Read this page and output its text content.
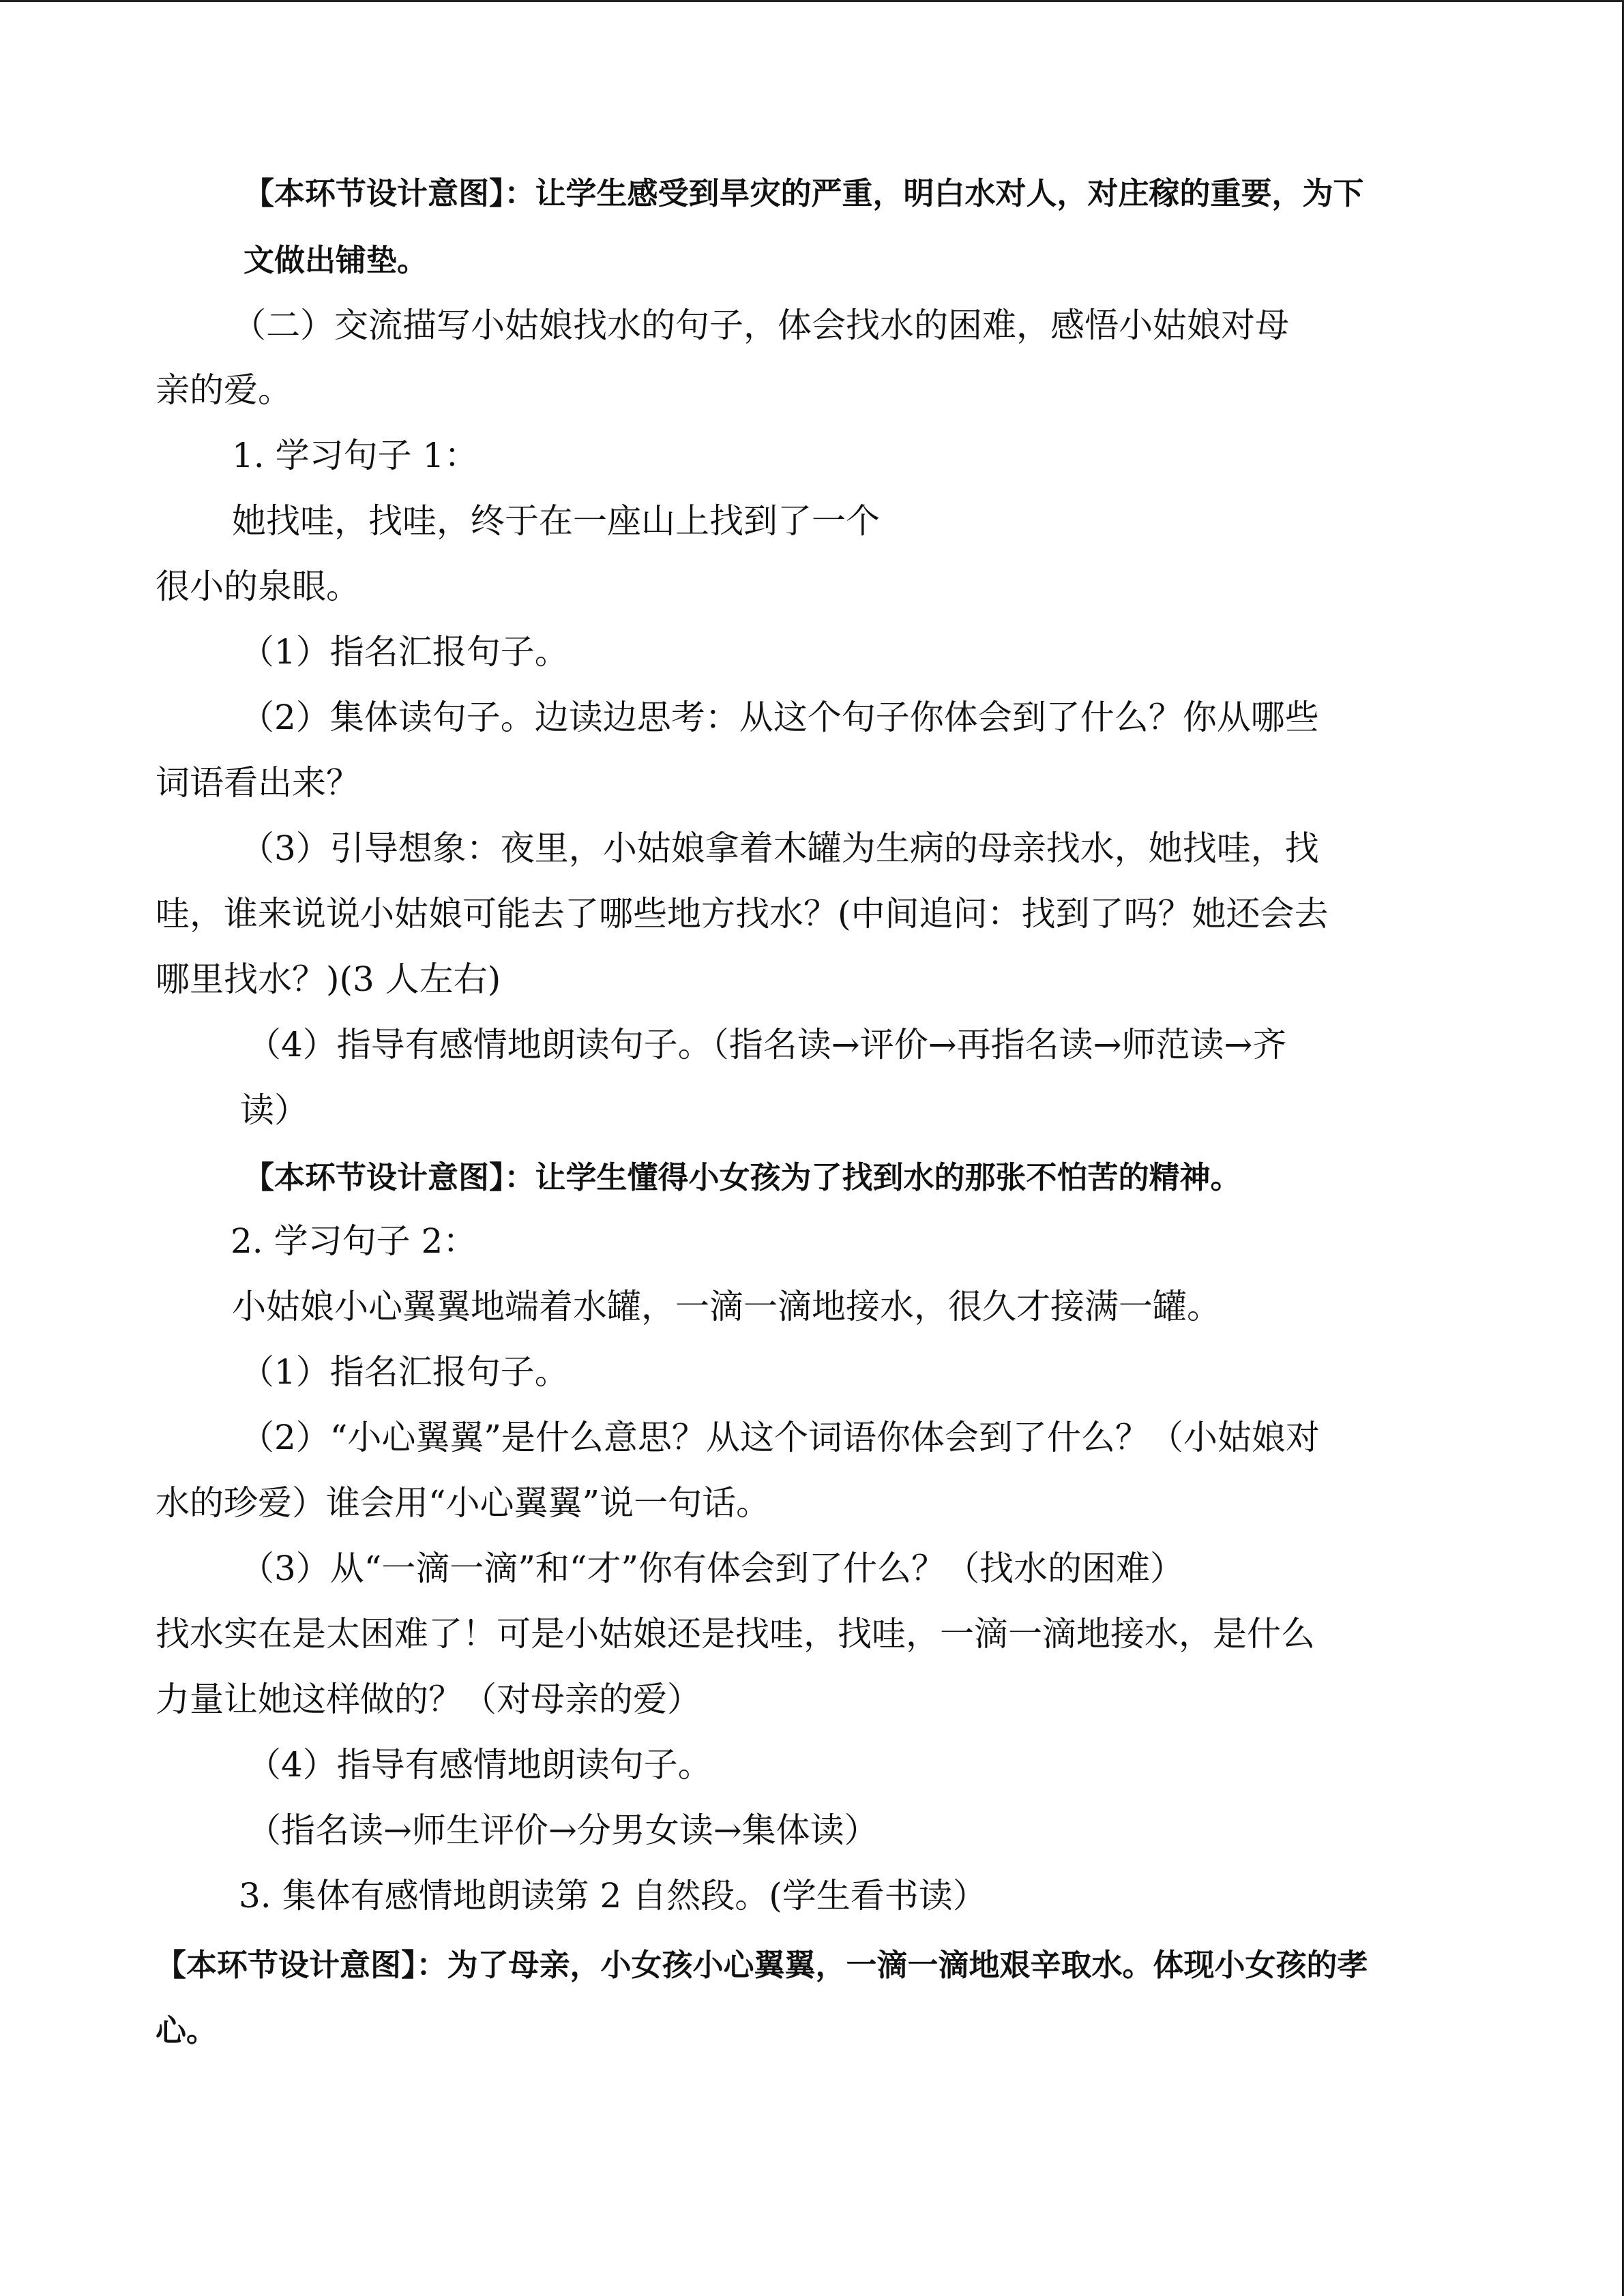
【本环节设计意图】：让学生感受到旱灾的严重，明白水对人，对庄稼的重要，为下
文做出铺垫。
（二）交流描写小姑娘找水的句子，体会找水的困难，感悟小姑娘对母
亲的爱。
1. 学习句子 1：
她找哇，找哇，终于在一座山上找到了一个
很小的泉眼。
（1）指名汇报句子。
（2）集体读句子。边读边思考：从这个句子你体会到了什么？你从哪些
词语看出来？
（3）引导想象：夜里，小姑娘拿着木罐为生病的母亲找水，她找哇，找
哇，谁来说说小姑娘可能去了哪些地方找水？(中间追问：找到了吗？她还会去
哪里找水？)(3 人左右)
（4）指导有感情地朗读句子。（指名读→评价→再指名读→师范读→齐
读）
【本环节设计意图】：让学生懂得小女孩为了找到水的那张不怕苦的精神。
2. 学习句子 2：
小姑娘小心翼翼地端着水罐，一滴一滴地接水，很久才接满一罐。
（1）指名汇报句子。
（2）“小心翼翼”是什么意思？从这个词语你体会到了什么？（小姑娘对
水的珍爱）谁会用“小心翼翼”说一句话。
（3）从“一滴一滴”和“才”你有体会到了什么？（找水的困难）
找水实在是太困难了！可是小姑娘还是找哇，找哇，一滴一滴地接水，是什么
力量让她这样做的？（对母亲的爱）
（4）指导有感情地朗读句子。
（指名读→师生评价→分男女读→集体读）
3. 集体有感情地朗读第 2 自然段。(学生看书读）
【本环节设计意图】：为了母亲，小女孩小心翼翼，一滴一滴地艰辛取水。体现小女孩的孝
心。
